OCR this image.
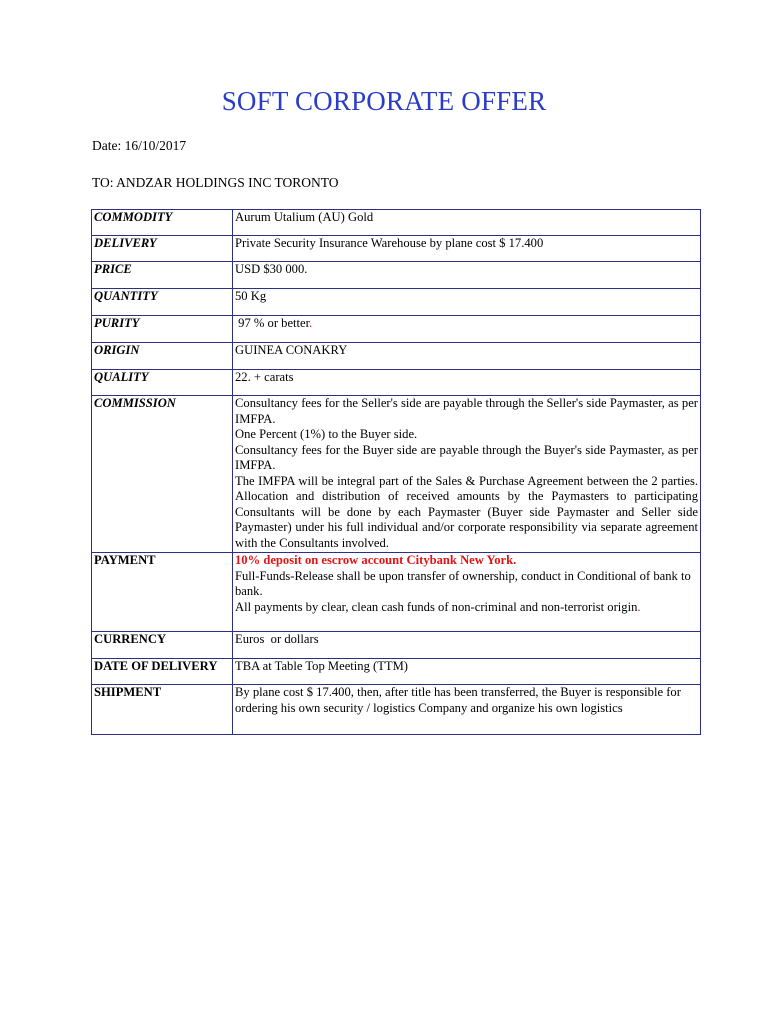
SOFT CORPORATE OFFER
Date: 16/10/2017
TO: ANDZAR HOLDINGS INC TORONTO
COMMODITY	Aurum Utalium (AU) Gold
DELIVERY	Private Security Insurance Warehouse by plane cost $ 17.400
PRICE	USD $30 000.
QUANTITY	50 Kg
PURITY	97 % or better.
ORIGIN	GUINEA CONAKRY
QUALITY	22. + carats
COMMISSION	Consultancy fees for the Seller's side are payable through the Seller's side Paymaster, as per IMFPA.
One Percent (1%) to the Buyer side.
Consultancy fees for the Buyer side are payable through the Buyer's side Paymaster, as per IMFPA.
The IMFPA will be integral part of the Sales & Purchase Agreement between the 2 parties. Allocation and distribution of received amounts by the Paymasters to participating Consultants will be done by each Paymaster (Buyer side Paymaster and Seller side Paymaster) under his full individual and/or corporate responsibility via separate agreement with the Consultants involved.

PAYMENT	10% deposit on escrow account Citybank New York.
Full-Funds-Release shall be upon transfer of ownership, conduct in Conditional of bank to bank.
All payments by clear, clean cash funds of non-criminal and non-terrorist origin.

CURRENCY	Euros  or dollars
DATE OF DELIVERY	TBA at Table Top Meeting (TTM)
SHIPMENT	By plane cost $ 17.400, then, after title has been transferred, the Buyer is responsible for ordering his own security / logistics Company and organize his own logistics
